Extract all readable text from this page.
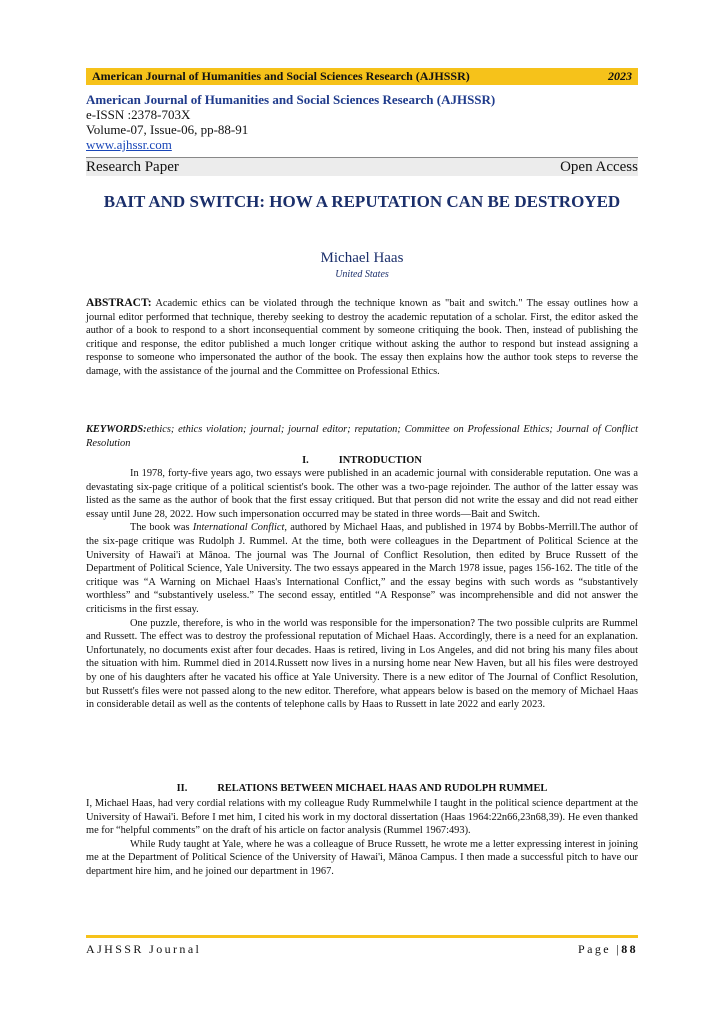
American Journal of Humanities and Social Sciences Research (AJHSSR)	2023
American Journal of Humanities and Social Sciences Research (AJHSSR)
e-ISSN :2378-703X
Volume-07, Issue-06, pp-88-91
www.ajhssr.com
Research Paper	Open Access
BAIT AND SWITCH: HOW A REPUTATION CAN BE DESTROYED
Michael Haas
United States
ABSTRACT: Academic ethics can be violated through the technique known as "bait and switch." The essay outlines how a journal editor performed that technique, thereby seeking to destroy the academic reputation of a scholar. First, the editor asked the author of a book to respond to a short inconsequential comment by someone critiquing the book. Then, instead of publishing the critique and response, the editor published a much longer critique without asking the author to respond but instead assigning a response to someone who impersonated the author of the book. The essay then explains how the author took steps to reverse the damage, with the assistance of the journal and the Committee on Professional Ethics.
KEYWORDS:ethics; ethics violation; journal; journal editor; reputation; Committee on Professional Ethics; Journal of Conflict Resolution
I.	INTRODUCTION

In 1978, forty-five years ago, two essays were published in an academic journal with considerable reputation. One was a devastating six-page critique of a political scientist's book. The other was a two-page rejoinder. The author of the latter essay was listed as the same as the author of book that the first essay critiqued. But that person did not write the essay and did not read either essay until June 28, 2022. How such impersonation occurred may be stated in three words—Bait and Switch.

The book was International Conflict, authored by Michael Haas, and published in 1974 by Bobbs-Merrill.The author of the six-page critique was Rudolph J. Rummel. At the time, both were colleagues in the Department of Political Science at the University of Hawai'i at Mānoa. The journal was The Journal of Conflict Resolution, then edited by Bruce Russett of the Department of Political Science, Yale University. The two essays appeared in the March 1978 issue, pages 156-162. The title of the critique was “A Warning on Michael Haas's International Conflict,” and the essay begins with such words as “substantively worthless” and “substantively useless.” The second essay, entitled “A Response” was incomprehensible and did not answer the criticisms in the first essay.

One puzzle, therefore, is who in the world was responsible for the impersonation? The two possible culprits are Rummel and Russett. The effect was to destroy the professional reputation of Michael Haas. Accordingly, there is a need for an explanation. Unfortunately, no documents exist after four decades. Haas is retired, living in Los Angeles, and did not bring his many files about the situation with him. Rummel died in 2014.Russett now lives in a nursing home near New Haven, but all his files were destroyed by one of his daughters after he vacated his office at Yale University. There is a new editor of The Journal of Conflict Resolution, but Russett's files were not passed along to the new editor. Therefore, what appears below is based on the memory of Michael Haas in considerable detail as well as the contents of telephone calls by Haas to Russett in late 2022 and early 2023.

II.	RELATIONS BETWEEN MICHAEL HAAS AND RUDOLPH RUMMEL

I, Michael Haas, had very cordial relations with my colleague Rudy Rummelwhile I taught in the political science department at the University of Hawai'i. Before I met him, I cited his work in my doctoral dissertation (Haas 1964:22n66,23n68,39). He even thanked me for “helpful comments” on the draft of his article on factor analysis (Rummel 1967:493).

While Rudy taught at Yale, where he was a colleague of Bruce Russett, he wrote me a letter expressing interest in joining me at the Department of Political Science of the University of Hawai'i, Mānoa Campus. I then made a successful pitch to have our department hire him, and he joined our department in 1967.

AJHSSR Journal	Page |88
